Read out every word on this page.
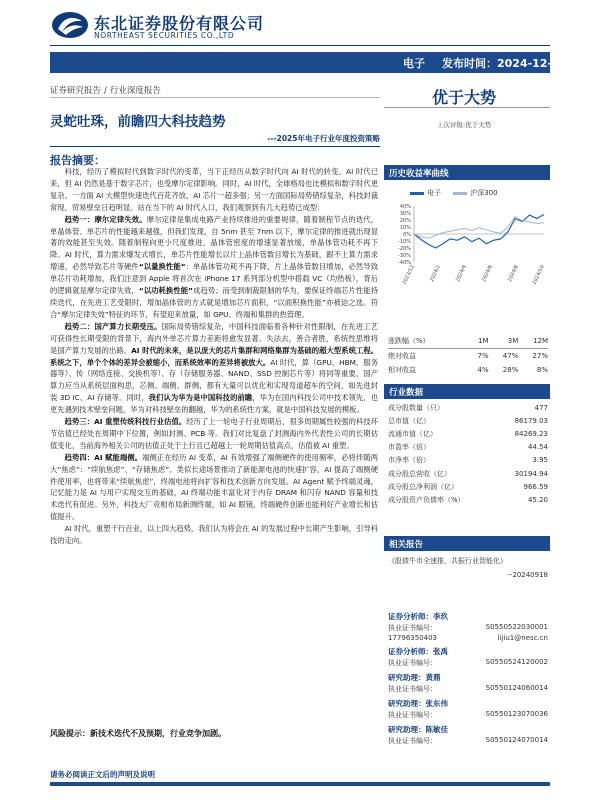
东北证券股份有限公司
NORTHEAST SECURITIES CO.,LTD
电子 发布时间：2024-12-26
证券研究报告 / 行业深度报告	优于大势
上次评级:优于大势
灵蛇吐珠，前瞻四大科技趋势
---2025年电子行业年度投资策略
报告摘要：

科技，经历了模拟时代到数字时代的变革，当下正经历从数字时代向 AI 时代的转变。AI 时代已来，但 AI 仍然是基于数字芯片，也受摩尔定律影响。同时，AI 时代，全球格局也比模拟和数字时代更复杂。一方面 AI 大模型快速迭代百花齐放，AI 芯片一超多强；另一方面国际局势错综复杂，科技封裁常现，贸易壁垒日趋明显。站在当下的 AI 时代入口，我们观察到有几大趋势已成型：

趋势一：摩尔定律失效。摩尔定律是集成电路产业持续推进的重要规律，随着制程节点的迭代，单晶体管、单芯片的性能越来越强，但我们发现，自 5nm 甚至 7nm 以下，摩尔定律的推进就出现显著的效能甚至失效。随着制程向更小尺度推进，晶体管密度的增速显著放缓，单晶体管功耗不再下降。AI 时代，算力需求爆发式增长，单芯片性能增长以片上晶体管数目增长为基础，跟不上算力需求增速，必然导致芯片等硬件“以量换性能”：单晶体管功耗不再下降，片上晶体管数目增加，必然导致单芯片功耗增加，我们注意到 Apple 将首次在 iPhone 17 系列部分机型中搭载 VC（均热板），背后的逻辑就是摩尔定律失效，“以功耗换性能”成趋势；而受到制裁限制的华为，要保证终端芯片性能持续迭代，在先进工艺受限时，增加晶体管的方式就是增加芯片面积，“以面积换性能”亦被迫之选。符合“摩尔定律失效”特征的环节，有望迎来放量，如 GPU、终端和集群的热管理。

趋势二：国产算力长期受压。国际局势错综复杂，中国科技面临着各种针对性限制，在先进工艺可获得性长期受限的背景下，海内外单芯片算力差距将愈发显著。失法去，善合者胜，系统性思维将是国产算力发展的出路。AI 时代的未来，是以庞大的芯片集群和网络集群为基础的超大型系统工程。系统之下，单个个体的差异会被缩小，而系统效率的差异将被放大。AI 时代，算（GPU、HBM、服务器等）、传（网络连接、交换机等）、存（存储服务器、NAND、SSD 控制芯片等）将同等重要，国产算力应当从系统层面构思，芯侧、端侧、群侧，都有大量可以优化和实现弯道超车的空间，如先进封装 3D IC、AI 存储等。同时，我们认为华为是中国科技的前瞻，华为在国内科技公司中技术领先，也更先遇到技术壁垒问题，华为对科技壁垒的翻越，华为的系统性方案，就是中国科技发展的模板。

趋势三：AI 重塑传统科技行业估值。经历了上一轮电子行业周期后，很多周期属性较强的科技环节估值已经处在周期中下位置，例如封测、PCB 等。我们对比复盘了封测海内外代表性公司的长期估值变化，当前海外相关公司的估值正处于上行且已超越上一轮周期估值高点，估值被 AI 重塑。

趋势四：AI 赋能端侧。端侧正在经历 AI 变革，AI 有效增强了端侧硬件的使用频率，必将伴随两大“焦虑”：“续航焦虑”、“存储焦虑”。类似长途场景推动了新能源电池的快速扩容，AI 提高了端侧硬件使用率，也将带来“续航焦虑”，终端电池将向扩容和技术创新方向发展。AI Agent 赋予终端灵魂，记忆能力是 AI 与用户实现交互的基础，AI 终端功能丰富化对于内存 DRAM 和闪存 NAND 容量和技术迭代有促进。另外，科技大厂竞相布局新测终端，如 AI 眼镜，终端硬件创新也能利好产业增长和估值提升。

AI 时代，重塑千行百业，以上四大趋势，我们认为将会在 AI 的发展过程中长期产生影响，引导科技的走向。

风险提示：新技术迭代不及预期，行业竞争加剧。
请务必阅读正文后的声明及说明
历史收益率曲线
电子	沪深300
40%
30%
20%
10%
0%
-10%
-20%
-30%
-40%
2023/12	2024/2	2024/4	2024/6	2024/8 2024/10
涨跌幅（%）	1M	3M	12M
绝对收益	7%	47%	27%
相对收益	4%	28%	8%
行业数据
成分股数量（只）	477
总市值（亿）	86179.03
流通市值（亿）	84269.23
市盈率（倍）	44.54
市净率（倍）	3.95
成分股总营收（亿）	30194.94
成分股总净利润（亿）	966.59
成分股资产负债率（%）	45.20
相关报告
《股债牛市全速推，共振行业智能化》
--20240918
证券分析师：李玖
执业证书编号：	S0550522030001
17796350403	lijiu1@nesc.cn
证券分析师：张禹
执业证书编号：	S0550524120002
研究助理：黄鼎
执业证书编号：	S0550124060014
研究助理：张东伟
执业证书编号：	S0550123070036
研究助理：陈敏佳
执业证书编号：	S0550124070014
